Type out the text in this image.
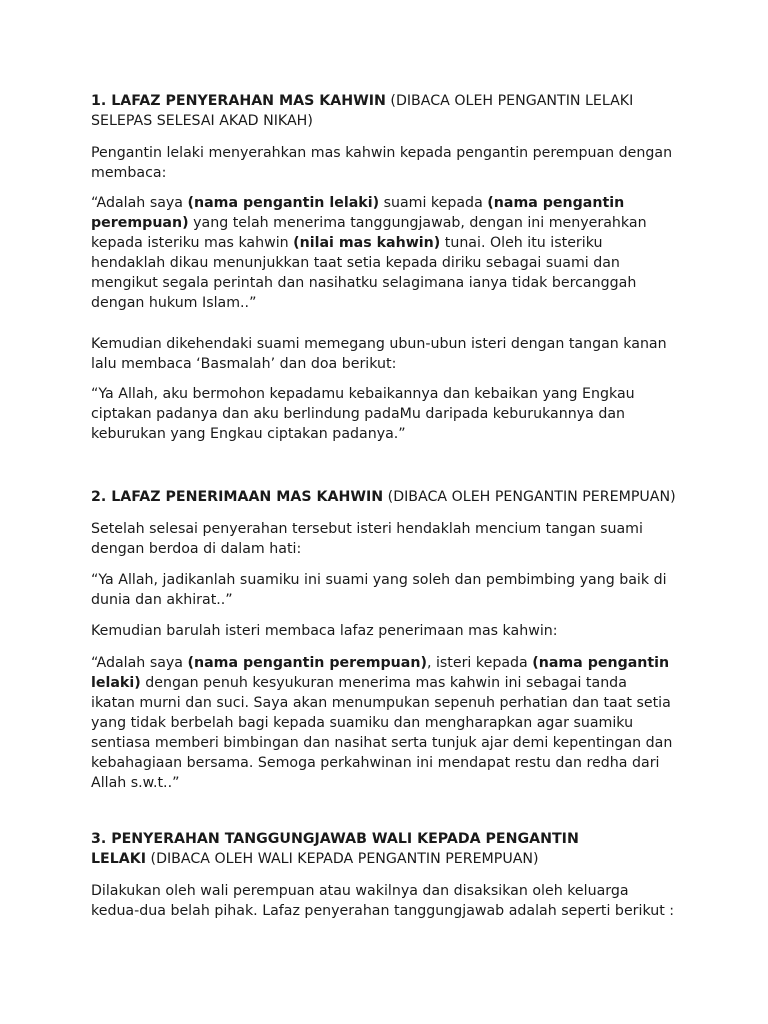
1. LAFAZ PENYERAHAN MAS KAHWIN (DIBACA OLEH PENGANTIN LELAKI SELEPAS SELESAI AKAD NIKAH)

Pengantin lelaki menyerahkan mas kahwin kepada pengantin perempuan dengan membaca:

“Adalah saya (nama pengantin lelaki) suami kepada (nama pengantin perempuan) yang telah menerima tanggungjawab, dengan ini menyerahkan kepada isteriku mas kahwin (nilai mas kahwin) tunai. Oleh itu isteriku hendaklah dikau menunjukkan taat setia kepada diriku sebagai suami dan mengikut segala perintah dan nasihatku selagimana ianya tidak bercanggah dengan hukum Islam..”

Kemudian dikehendaki suami memegang ubun-ubun isteri dengan tangan kanan lalu membaca ‘Basmalah’ dan doa berikut:

“Ya Allah, aku bermohon kepadamu kebaikannya dan kebaikan yang Engkau ciptakan padanya dan aku berlindung padaMu daripada keburukannya dan keburukan yang Engkau ciptakan padanya.”

2. LAFAZ PENERIMAAN MAS KAHWIN (DIBACA OLEH PENGANTIN PEREMPUAN)

Setelah selesai penyerahan tersebut isteri hendaklah mencium tangan suami dengan berdoa di dalam hati:

“Ya Allah, jadikanlah suamiku ini suami yang soleh dan pembimbing yang baik di dunia dan akhirat..”

Kemudian barulah isteri membaca lafaz penerimaan mas kahwin:

“Adalah saya (nama pengantin perempuan), isteri kepada (nama pengantin lelaki) dengan penuh kesyukuran menerima mas kahwin ini sebagai tanda ikatan murni dan suci. Saya akan menumpukan sepenuh perhatian dan taat setia yang tidak berbelah bagi kepada suamiku dan mengharapkan agar suamiku sentiasa memberi bimbingan dan nasihat serta tunjuk ajar demi kepentingan dan kebahagiaan bersama. Semoga perkahwinan ini mendapat restu dan redha dari Allah s.w.t..”

3. PENYERAHAN TANGGUNGJAWAB WALI KEPADA PENGANTIN LELAKI (DIBACA OLEH WALI KEPADA PENGANTIN PEREMPUAN)

Dilakukan oleh wali perempuan atau wakilnya dan disaksikan oleh keluarga kedua-dua belah pihak. Lafaz penyerahan tanggungjawab adalah seperti berikut :
